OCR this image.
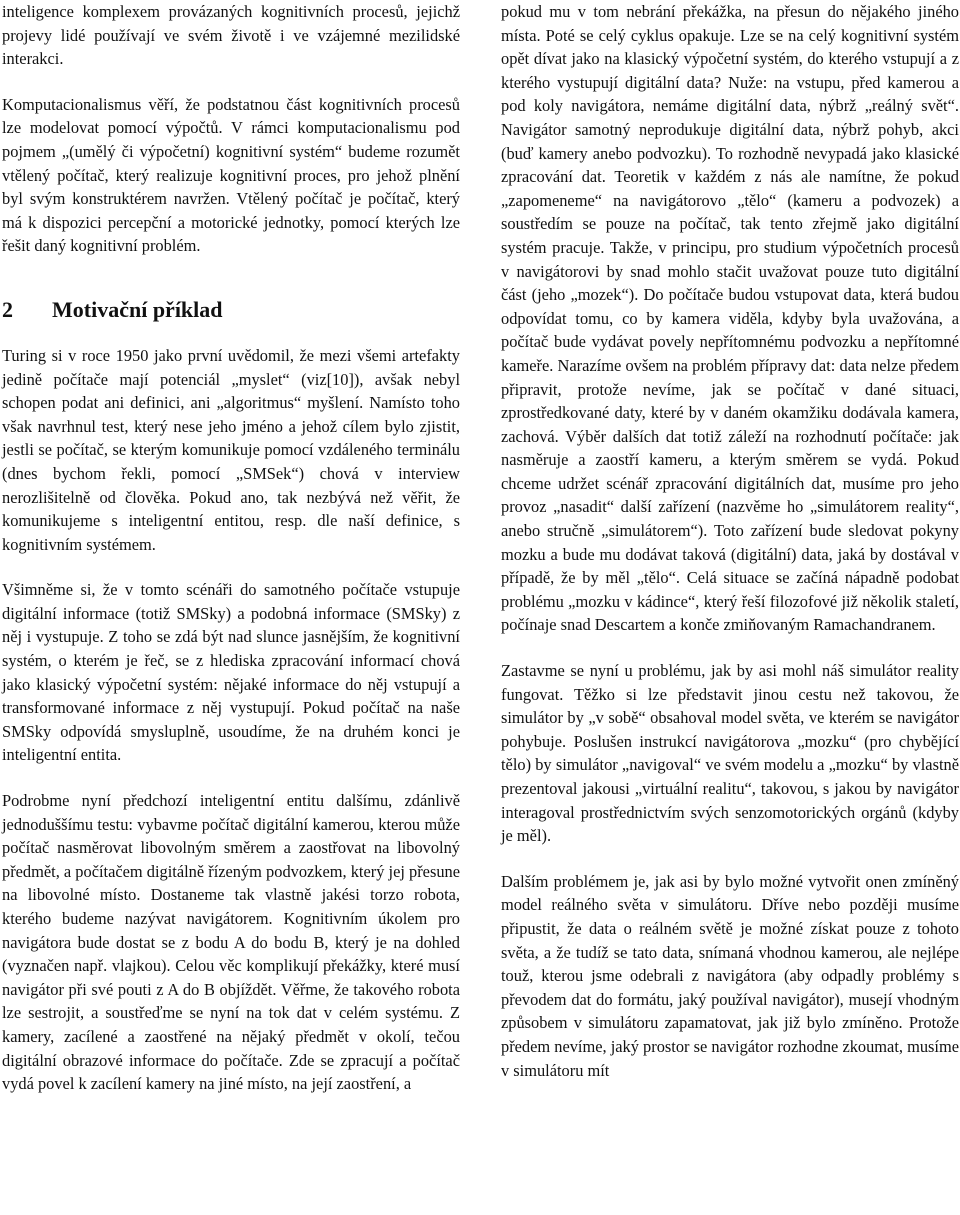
inteligence komplexem provázaných kognitivních procesů, jejichž projevy lidé používají ve svém životě i ve vzájemné mezilidské interakci.

Komputacionalismus věří, že podstatnou část kognitivních procesů lze modelovat pomocí výpočtů. V rámci komputacionalismu pod pojmem „(umělý či výpočetní) kognitivní systém“ budeme rozumět vtělený počítač, který realizuje kognitivní proces, pro jehož plnění byl svým konstruktérem navržen. Vtělený počítač je počítač, který má k dispozici percepční a motorické jednotky, pomocí kterých lze řešit daný kognitivní problém.

2 Motivační příklad

Turing si v roce 1950 jako první uvědomil, že mezi všemi artefakty jedině počítače mají potenciál „myslet“ (viz[10]), avšak nebyl schopen podat ani definici, ani „algoritmus“ myšlení. Namísto toho však navrhnul test, který nese jeho jméno a jehož cílem bylo zjistit, jestli se počítač, se kterým komunikuje pomocí vzdáleného terminálu (dnes bychom řekli, pomocí „SMSek“) chová v interview nerozlišitelně od člověka. Pokud ano, tak nezbývá než věřit, že komunikujeme s inteligentní entitou, resp. dle naší definice, s kognitivním systémem.

Všimněme si, že v tomto scénáři do samotného počítače vstupuje digitální informace (totiž SMSky) a podobná informace (SMSky) z něj i vystupuje. Z toho se zdá být nad slunce jasnějším, že kognitivní systém, o kterém je řeč, se z hlediska zpracování informací chová jako klasický výpočetní systém: nějaké informace do něj vstupují a transformované informace z něj vystupují. Pokud počítač na naše SMSky odpovídá smysluplně, usoudíme, že na druhém konci je inteligentní entita.

Podrobme nyní předchozí inteligentní entitu dalšímu, zdánlivě jednoduššímu testu: vybavme počítač digitální kamerou, kterou může počítač nasměrovat libovolným směrem a zaostřovat na libovolný předmět, a počítačem digitálně řízeným podvozkem, který jej přesune na libovolné místo. Dostaneme tak vlastně jakési torzo robota, kterého budeme nazývat navigátorem. Kognitivním úkolem pro navigátora bude dostat se z bodu A do bodu B, který je na dohled (vyznačen např. vlajkou). Celou věc komplikují překážky, které musí navigátor při své pouti z A do B objíždět. Věřme, že takového robota lze sestrojit, a soustřeďme se nyní na tok dat v celém systému. Z kamery, zacílené a zaostřené na nějaký předmět v okolí, tečou digitální obrazové informace do počítače. Zde se zpracují a počítač vydá povel k zacílení kamery na jiné místo, na její zaostření, a

pokud mu v tom nebrání překážka, na přesun do nějakého jiného místa. Poté se celý cyklus opakuje. Lze se na celý kognitivní systém opět dívat jako na klasický výpočetní systém, do kterého vstupují a z kterého vystupují digitální data? Nuže: na vstupu, před kamerou a pod koly navigátora, nemáme digitální data, nýbrž „reálný svět“. Navigátor samotný neprodukuje digitální data, nýbrž pohyb, akci (buď kamery anebo podvozku). To rozhodně nevypadá jako klasické zpracování dat. Teoretik v každém z nás ale namítne, že pokud „zapomeneme“ na navigátorovo „tělo“ (kameru a podvozek) a soustředím se pouze na počítač, tak tento zřejmě jako digitální systém pracuje. Takže, v principu, pro studium výpočetních procesů v navigátorovi by snad mohlo stačit uvažovat pouze tuto digitální část (jeho „mozek“). Do počítače budou vstupovat data, která budou odpovídat tomu, co by kamera viděla, kdyby byla uvažována, a počítač bude vydávat povely nepřítomnému podvozku a nepřítomné kameře. Narazíme ovšem na problém přípravy dat: data nelze předem připravit, protože nevíme, jak se počítač v dané situaci, zprostředkované daty, které by v daném okamžiku dodávala kamera, zachová. Výběr dalších dat totiž záleží na rozhodnutí počítače: jak nasměruje a zaostří kameru, a kterým směrem se vydá. Pokud chceme udržet scénář zpracování digitálních dat, musíme pro jeho provoz „nasadit“ další zařízení (nazvěme ho „simulátorem reality“, anebo stručně „simulátorem“). Toto zařízení bude sledovat pokyny mozku a bude mu dodávat taková (digitální) data, jaká by dostával v případě, že by měl „tělo“. Celá situace se začíná nápadně podobat problému „mozku v kádince“, který řeší filozofové již několik staletí, počínaje snad Descartem a konče zmiňovaným Ramachandranem.

Zastavme se nyní u problému, jak by asi mohl náš simulátor reality fungovat. Těžko si lze představit jinou cestu než takovou, že simulátor by „v sobě“ obsahoval model světa, ve kterém se navigátor pohybuje. Poslušen instrukcí navigátorova „mozku“ (pro chybějící tělo) by simulátor „navigoval“ ve svém modelu a „mozku“ by vlastně prezentoval jakousi „virtuální realitu“, takovou, s jakou by navigátor interagoval prostřednictvím svých senzomotorických orgánů (kdyby je měl).

Dalším problémem je, jak asi by bylo možné vytvořit onen zmíněný model reálného světa v simulátoru. Dříve nebo později musíme připustit, že data o reálném světě je možné získat pouze z tohoto světa, a že tudíž se tato data, snímaná vhodnou kamerou, ale nejlépe touž, kterou jsme odebrali z navigátora (aby odpadly problémy s převodem dat do formátu, jaký používal navigátor), musejí vhodným způsobem v simulátoru zapamatovat, jak již bylo zmíněno. Protože předem nevíme, jaký prostor se navigátor rozhodne zkoumat, musíme v simulátoru mít
